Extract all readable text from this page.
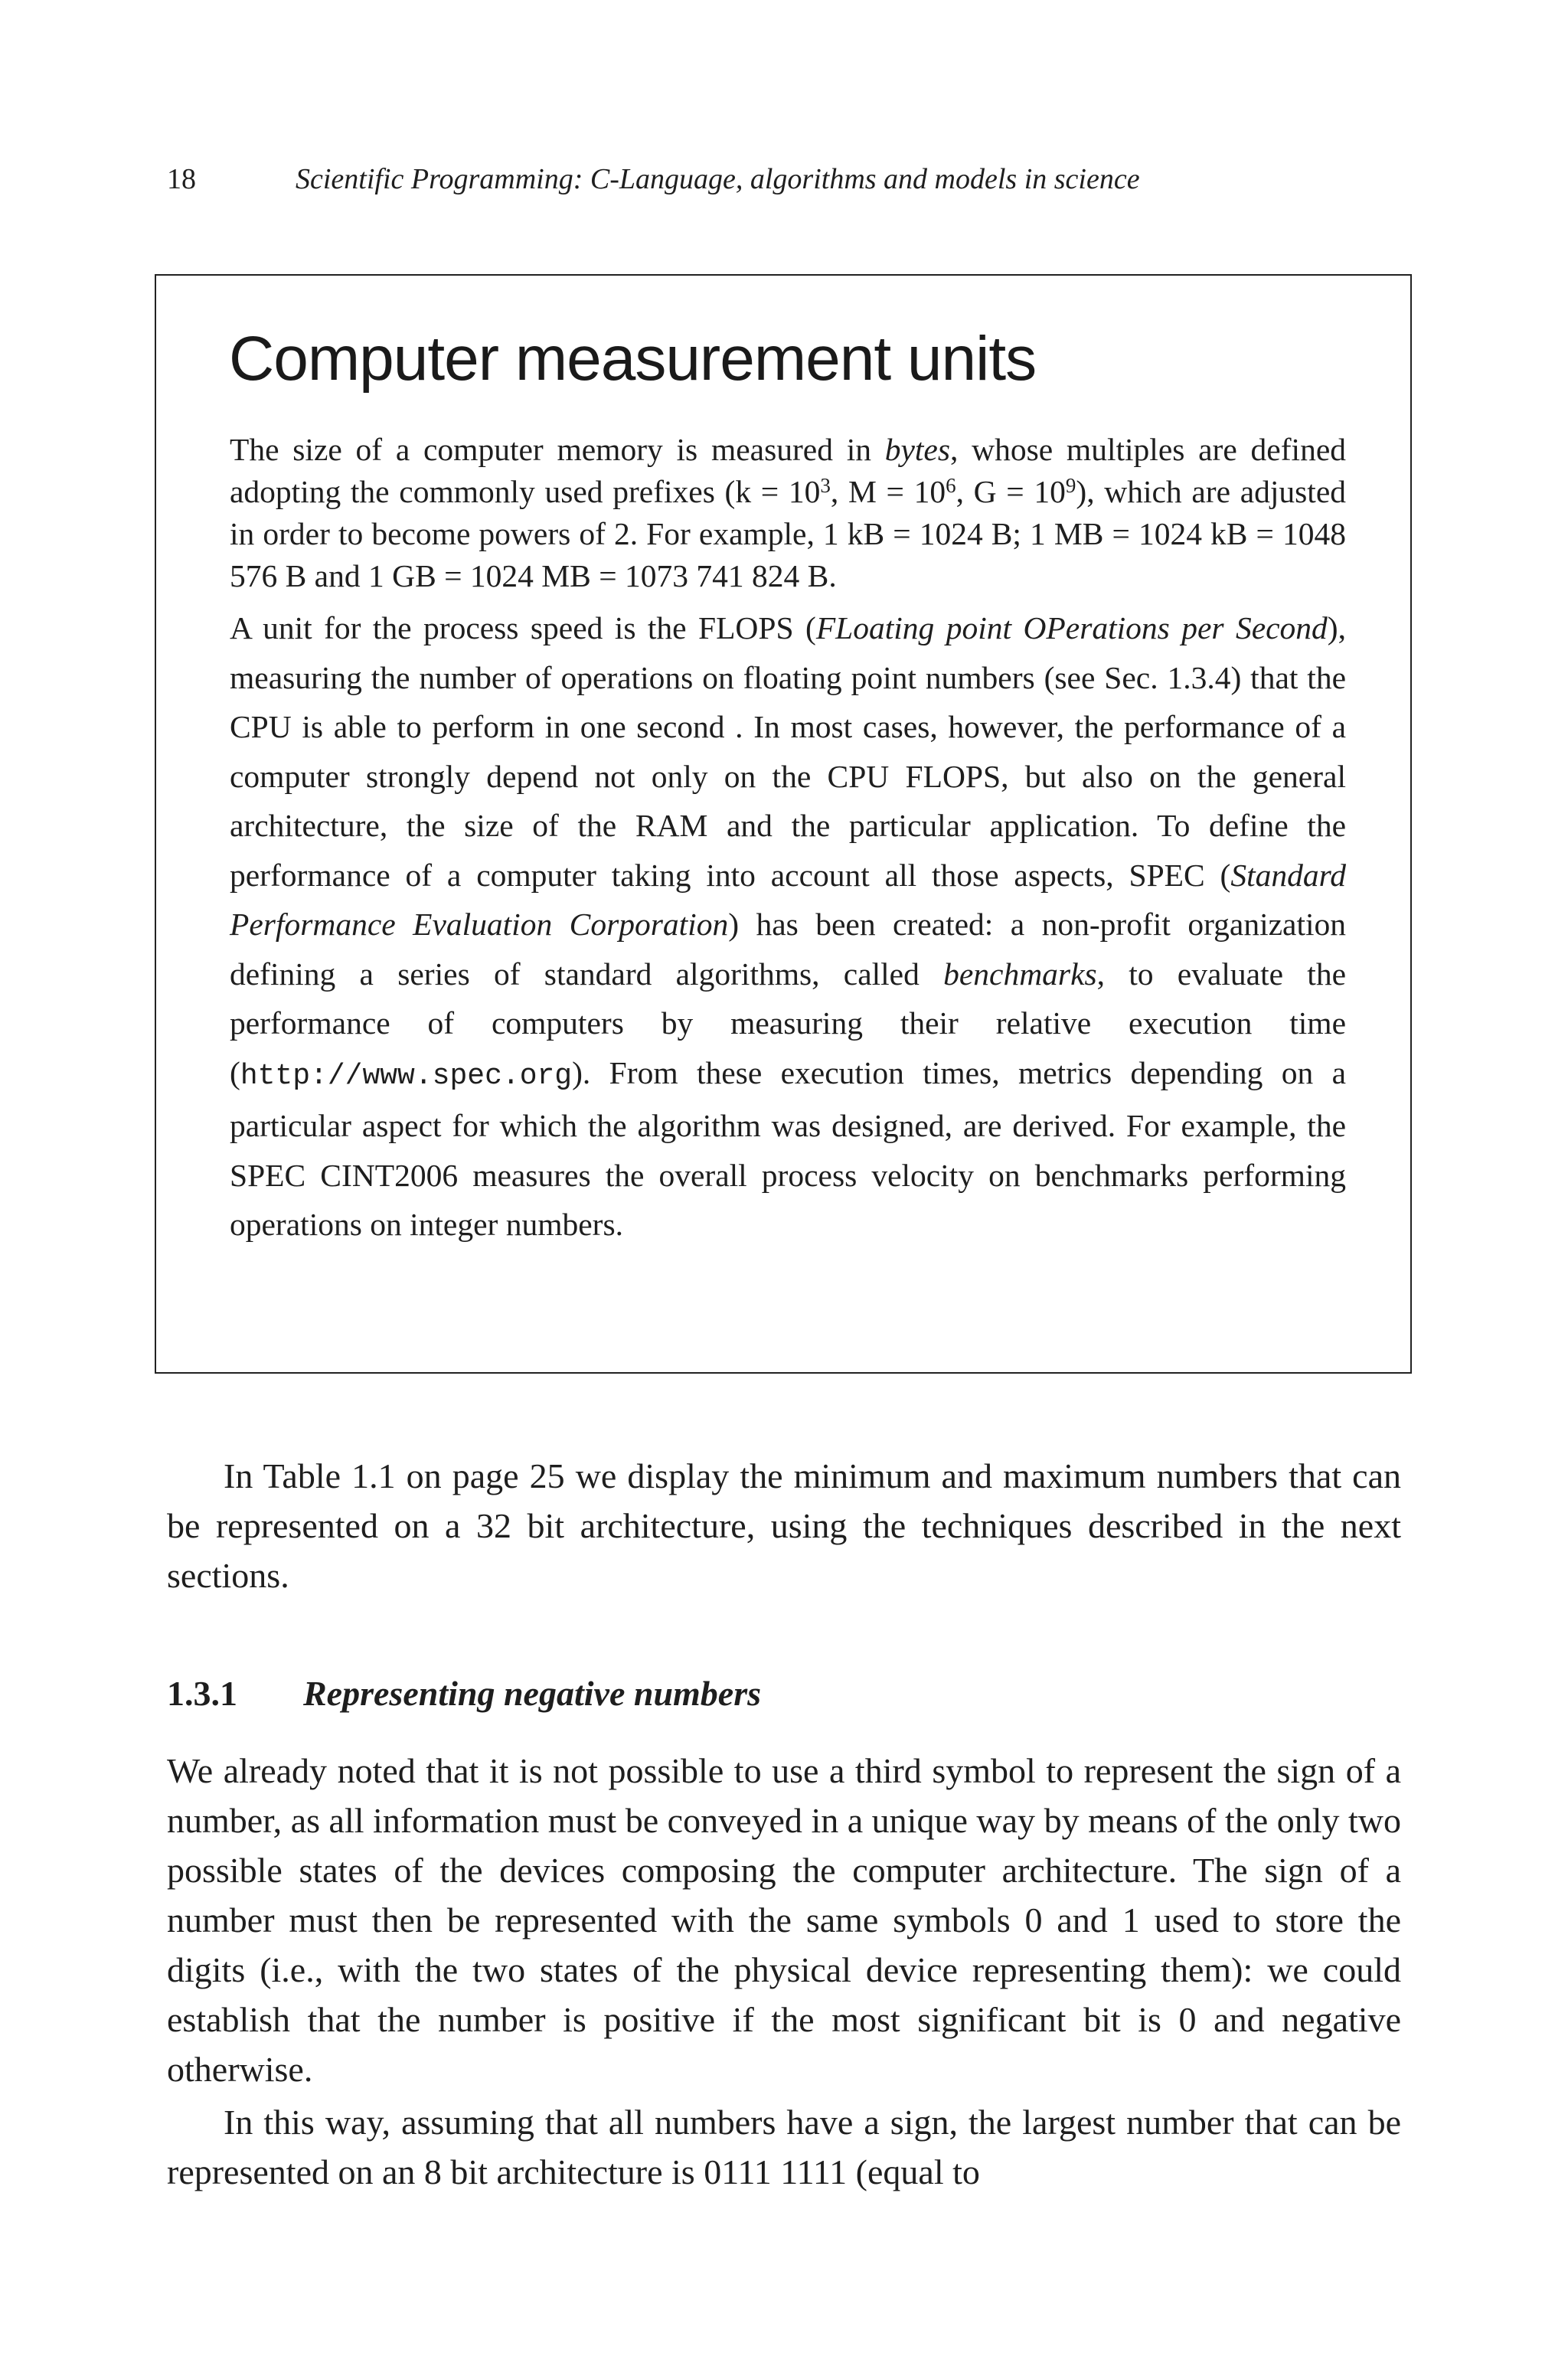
18	Scientific Programming: C-Language, algorithms and models in science
Computer measurement units

The size of a computer memory is measured in bytes, whose multiples are defined adopting the commonly used prefixes ($k = 10^3$, $M = 10^6$, $G = 10^9$), which are adjusted in order to become powers of 2. For example, 1 kB = 1024 B; 1 MB = 1024 kB = 1048 576 B and 1 GB = 1024 MB = 1073 741 824 B.

A unit for the process speed is the FLOPS (FLoating point OPerations per Second), measuring the number of operations on floating point numbers (see Sec. 1.3.4) that the CPU is able to perform in one second . In most cases, however, the performance of a computer strongly depend not only on the CPU FLOPS, but also on the general architecture, the size of the RAM and the particular application. To define the performance of a computer taking into account all those aspects, SPEC (Standard Performance Evaluation Corporation) has been created: a non-profit organization defining a series of standard algorithms, called benchmarks, to evaluate the performance of computers by measuring their relative execution time (http://www.spec.org). From these execution times, metrics depending on a particular aspect for which the algorithm was designed, are derived. For example, the SPEC CINT2006 measures the overall process velocity on benchmarks performing operations on integer numbers.

In Table 1.1 on page 25 we display the minimum and maximum numbers that can be represented on a 32 bit architecture, using the techniques described in the next sections.

1.3.1 Representing negative numbers

We already noted that it is not possible to use a third symbol to represent the sign of a number, as all information must be conveyed in a unique way by means of the only two possible states of the devices composing the computer architecture. The sign of a number must then be represented with the same symbols 0 and 1 used to store the digits (i.e., with the two states of the physical device representing them): we could establish that the number is positive if the most significant bit is 0 and negative otherwise.

In this way, assuming that all numbers have a sign, the largest number that can be represented on an 8 bit architecture is 0111 1111 (equal to
